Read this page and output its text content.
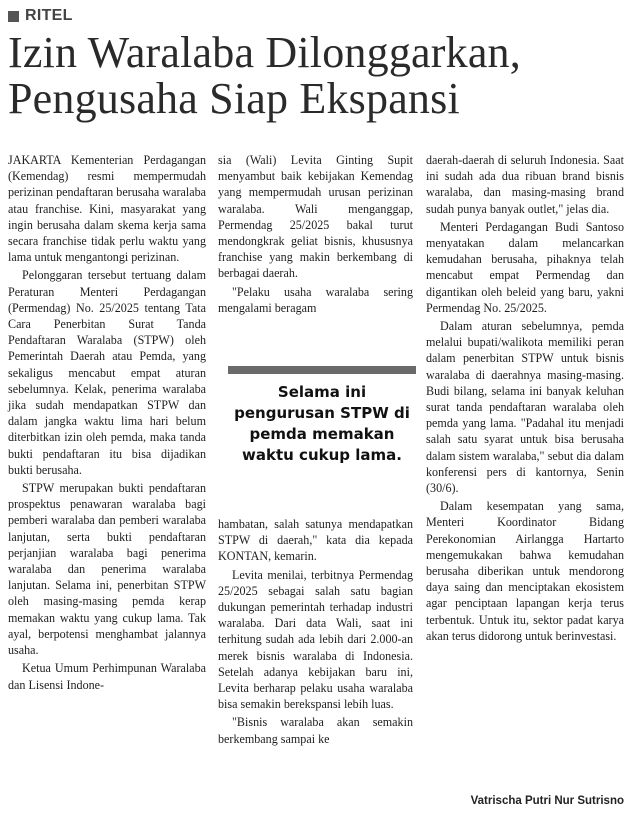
RITEL
Izin Waralaba Dilonggarkan,
Pengusaha Siap Ekspansi

JAKARTA Kementerian Perdagangan (Kemendag) resmi mempermudah perizinan pendaftaran berusaha waralaba atau franchise. Kini, masyarakat yang ingin berusaha dalam skema kerja sama secara franchise tidak perlu waktu yang lama untuk mengantongi perizinan.

Pelonggaran tersebut tertuang dalam Peraturan Menteri Perdagangan (Permendag) No. 25/2025 tentang Tata Cara Penerbitan Surat Tanda Pendaftaran Waralaba (STPW) oleh Pemerintah Daerah atau Pemda, yang sekaligus mencabut empat aturan sebelumnya. Kelak, penerima waralaba jika sudah mendapatkan STPW dan dalam jangka waktu lima hari belum diterbitkan izin oleh pemda, maka tanda bukti pendaftaran itu bisa dijadikan bukti berusaha.

STPW merupakan bukti pendaftaran prospektus penawaran waralaba bagi pemberi waralaba dan pemberi waralaba lanjutan, serta bukti pendaftaran perjanjian waralaba bagi penerima waralaba dan penerima waralaba lanjutan. Selama ini, penerbitan STPW oleh masing-masing pemda kerap memakan waktu yang cukup lama. Tak ayal, berpotensi menghambat jalannya usaha.

Ketua Umum Perhimpunan Waralaba dan Lisensi Indone-

sia (Wali) Levita Ginting Supit menyambut baik kebijakan Kemendag yang mempermudah urusan perizinan waralaba. Wali menganggap, Permendag 25/2025 bakal turut mendongkrak geliat bisnis, khususnya franchise yang makin berkembang di berbagai daerah.

"Pelaku usaha waralaba sering mengalami beragam

Selama ini pengurusan STPW di pemda memakan waktu cukup lama.

hambatan, salah satunya mendapatkan STPW di daerah," kata dia kepada KONTAN, kemarin.

Levita menilai, terbitnya Permendag 25/2025 sebagai salah satu bagian dukungan pemerintah terhadap industri waralaba. Dari data Wali, saat ini terhitung sudah ada lebih dari 2.000-an merek bisnis waralaba di Indonesia. Setelah adanya kebijakan baru ini, Levita berharap pelaku usaha waralaba bisa semakin berekspansi lebih luas.

"Bisnis waralaba akan semakin berkembang sampai ke

daerah-daerah di seluruh Indonesia. Saat ini sudah ada dua ribuan brand bisnis waralaba, dan masing-masing brand sudah punya banyak outlet," jelas dia.

Menteri Perdagangan Budi Santoso menyatakan dalam melancarkan kemudahan berusaha, pihaknya telah mencabut empat Permendag dan digantikan oleh beleid yang baru, yakni Permendag No. 25/2025.

Dalam aturan sebelumnya, pemda melalui bupati/walikota memiliki peran dalam penerbitan STPW untuk bisnis waralaba di daerahnya masing-masing. Budi bilang, selama ini banyak keluhan surat tanda pendaftaran waralaba oleh pemda yang lama. "Padahal itu menjadi salah satu syarat untuk bisa berusaha dalam sistem waralaba," sebut dia dalam konferensi pers di kantornya, Senin (30/6).

Dalam kesempatan yang sama, Menteri Koordinator Bidang Perekonomian Airlangga Hartarto mengemukakan bahwa kemudahan berusaha diberikan untuk mendorong daya saing dan menciptakan ekosistem agar penciptaan lapangan kerja terus terbentuk. Untuk itu, sektor padat karya akan terus didorong untuk berinvestasi.

Vatrischa Putri Nur Sutrisno
